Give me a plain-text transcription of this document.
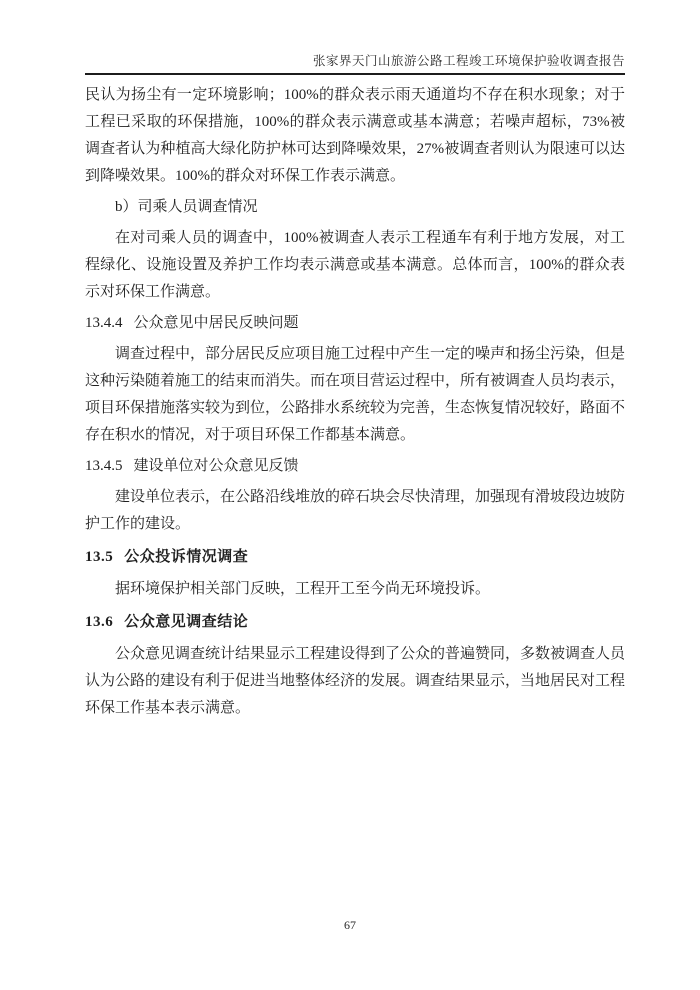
张家界天门山旅游公路工程竣工环境保护验收调查报告

民认为扬尘有一定环境影响；100%的群众表示雨天通道均不存在积水现象；对于工程已采取的环保措施，100%的群众表示满意或基本满意；若噪声超标，73%被调查者认为种植高大绿化防护林可达到降噪效果，27%被调查者则认为限速可以达到降噪效果。100%的群众对环保工作表示满意。

b）司乘人员调查情况

在对司乘人员的调查中，100%被调查人表示工程通车有利于地方发展，对工程绿化、设施设置及养护工作均表示满意或基本满意。总体而言，100%的群众表示对环保工作满意。

13.4.4 公众意见中居民反映问题

调查过程中，部分居民反应项目施工过程中产生一定的噪声和扬尘污染，但是这种污染随着施工的结束而消失。而在项目营运过程中，所有被调查人员均表示，项目环保措施落实较为到位，公路排水系统较为完善，生态恢复情况较好，路面不存在积水的情况，对于项目环保工作都基本满意。

13.4.5 建设单位对公众意见反馈

建设单位表示，在公路沿线堆放的碎石块会尽快清理，加强现有滑坡段边坡防护工作的建设。

13.5 公众投诉情况调查

据环境保护相关部门反映，工程开工至今尚无环境投诉。

13.6 公众意见调查结论

公众意见调查统计结果显示工程建设得到了公众的普遍赞同，多数被调查人员认为公路的建设有利于促进当地整体经济的发展。调查结果显示，当地居民对工程环保工作基本表示满意。

67
